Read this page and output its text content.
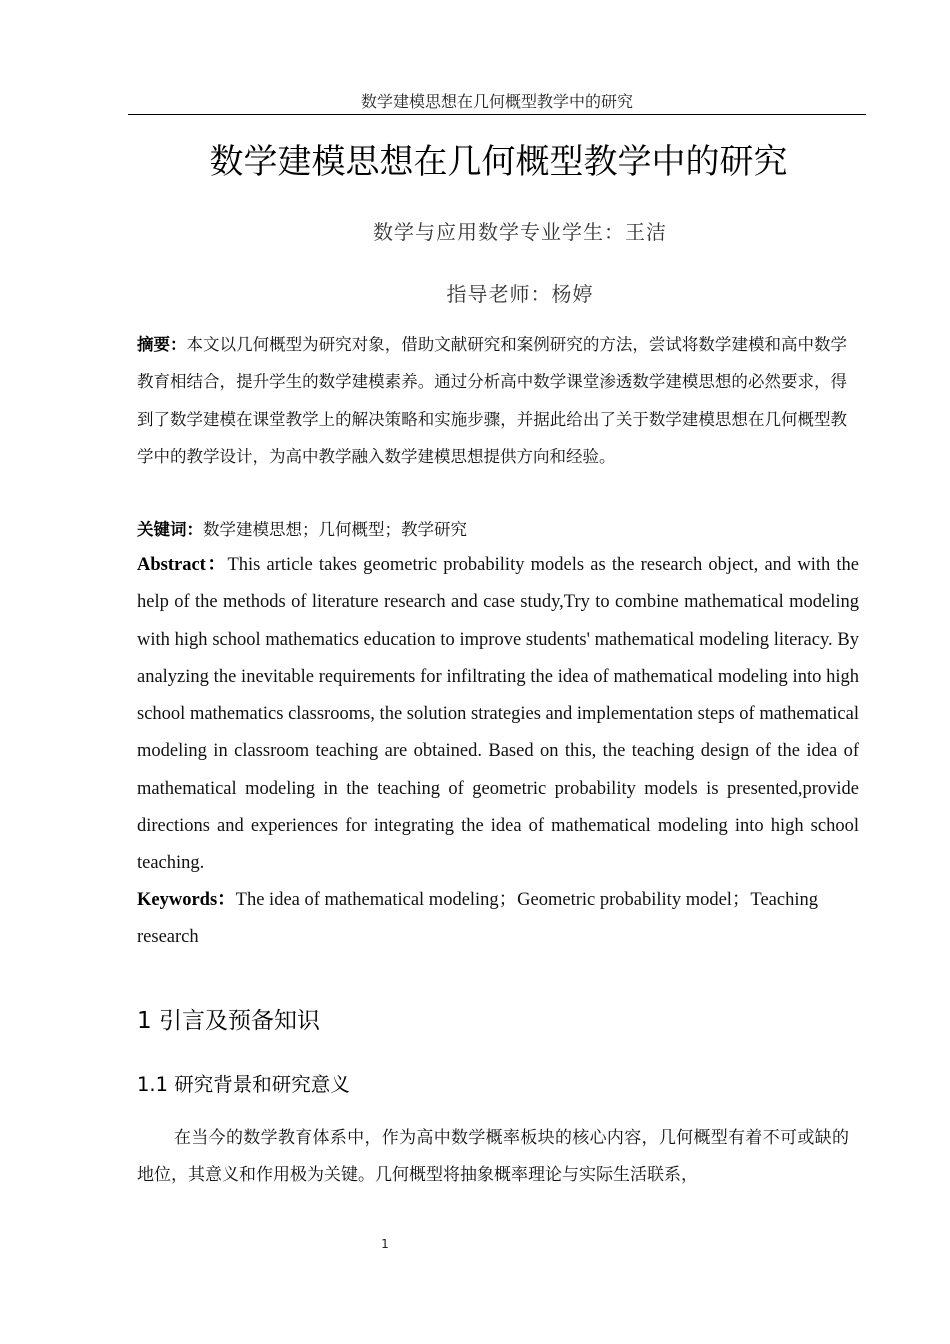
数学建模思想在几何概型教学中的研究
数学建模思想在几何概型教学中的研究
数学与应用数学专业学生：王洁
指导老师：杨婷
摘要：本文以几何概型为研究对象，借助文献研究和案例研究的方法，尝试将数学建模和高中数学教育相结合，提升学生的数学建模素养。通过分析高中数学课堂渗透数学建模思想的必然要求，得到了数学建模在课堂教学上的解决策略和实施步骤，并据此给出了关于数学建模思想在几何概型教学中的教学设计，为高中教学融入数学建模思想提供方向和经验。
关键词：数学建模思想；几何概型；教学研究
Abstract：This article takes geometric probability models as the research object, and with the help of the methods of literature research and case study,Try to combine mathematical modeling with high school mathematics education to improve students' mathematical modeling literacy. By analyzing the inevitable requirements for infiltrating the idea of mathematical modeling into high school mathematics classrooms, the solution strategies and implementation steps of mathematical modeling in classroom teaching are obtained. Based on this, the teaching design of the idea of mathematical modeling in the teaching of geometric probability models is presented,provide directions and experiences for integrating the idea of mathematical modeling into high school teaching.
Keywords：The idea of mathematical modeling；Geometric probability model；Teaching research
1 引言及预备知识
1.1 研究背景和研究意义
在当今的数学教育体系中，作为高中数学概率板块的核心内容，几何概型有着不可或缺的地位，其意义和作用极为关键。几何概型将抽象概率理论与实际生活联系，
1
